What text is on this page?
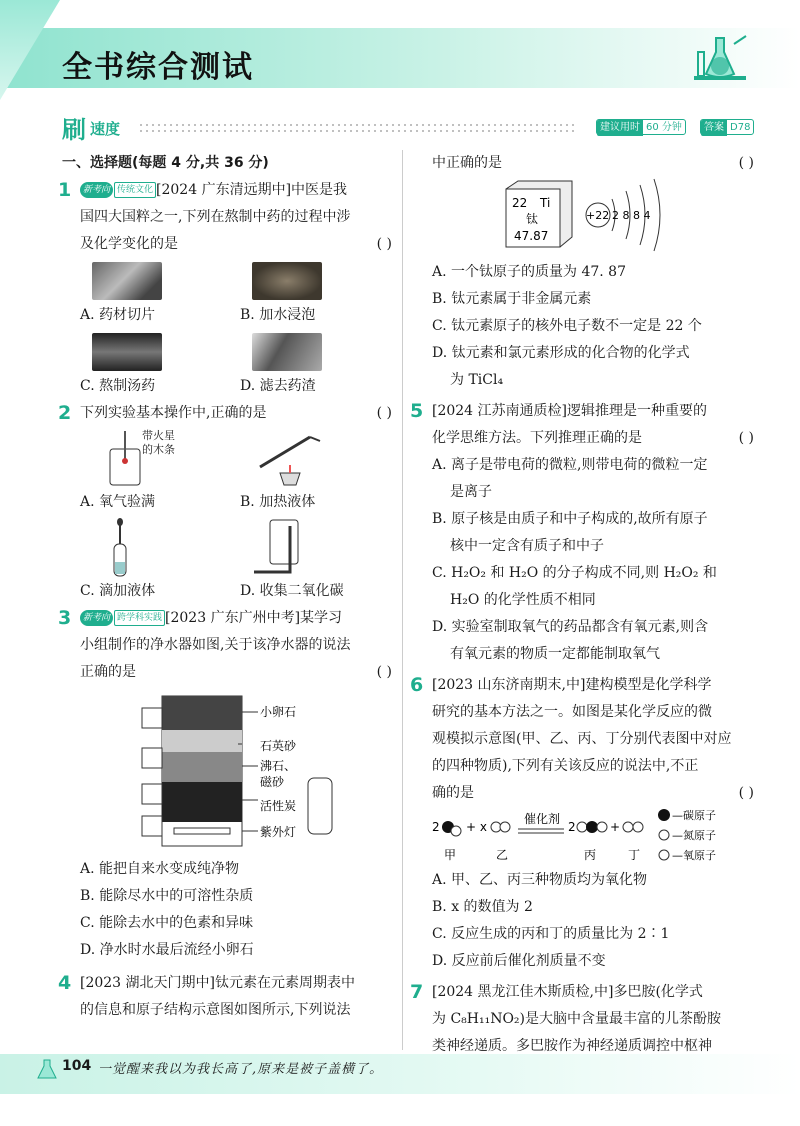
全书综合测试
刷 速度	建议用时 60 分钟	答案 D78
一、选择题(每题 4 分,共 36 分)
1	新考向 传统文化 [2024 广东清远期中]中医是我
国四大国粹之一,下列在熬制中药的过程中涉
及化学变化的是	( )
A. 药材切片	B. 加水浸泡
C. 熬制汤药	D. 滤去药渣
2 下列实验基本操作中,正确的是	( )
带火星
的木条
A. 氧气验满	B. 加热液体
C. 滴加液体	D. 收集二氧化碳
3	新考向 跨学科实践 [2023 广东广州中考]某学习
小组制作的净水器如图,关于该净水器的说法
正确的是	( )
小卵石
石英砂
沸石、
磁砂
活性炭
紫外灯
A. 能把自来水变成纯净物
B. 能除尽水中的可溶性杂质
C. 能除去水中的色素和异味
D. 净水时水最后流经小卵石
4 [2023 湖北天门期中]钛元素在元素周期表中
的信息和原子结构示意图如图所示,下列说法
中正确的是	( )
22 Ti
钛
47.87
+22 2 8 8 4
A. 一个钛原子的质量为 47. 87
B. 钛元素属于非金属元素
C. 钛元素原子的核外电子数不一定是 22 个
D. 钛元素和氯元素形成的化合物的化学式
为 TiCl₄
5 [2024 江苏南通质检]逻辑推理是一种重要的
化学思维方法。下列推理正确的是	( )
A. 离子是带电荷的微粒,则带电荷的微粒一定
是离子
B. 原子核是由质子和中子构成的,故所有原子
核中一定含有质子和中子
C. H₂O₂ 和 H₂O 的分子构成不同,则 H₂O₂ 和
H₂O 的化学性质不相同
D. 实验室制取氧气的药品都含有氧元素,则含
有氧元素的物质一定都能制取氧气
6 [2023 山东济南期末,中]建构模型是化学科学
研究的基本方法之一。如图是某化学反应的微
观模拟示意图(甲、乙、丙、丁分别代表图中对应
的四种物质),下列有关该反应的说法中,不正
确的是	( )
2 + x
催化剂
2	+
甲	乙	丙	丁
—碳原子
—氮原子
—氧原子
A. 甲、乙、丙三种物质均为氧化物
B. x 的数值为 2
C. 反应生成的丙和丁的质量比为 2∶1
D. 反应前后催化剂质量不变
7 [2024 黑龙江佳木斯质检,中]多巴胺(化学式
为 C₈H₁₁NO₂)是大脑中含量最丰富的儿茶酚胺
类神经递质。多巴胺作为神经递质调控中枢神
104 一觉醒来我以为我长高了,原来是被子盖横了。
